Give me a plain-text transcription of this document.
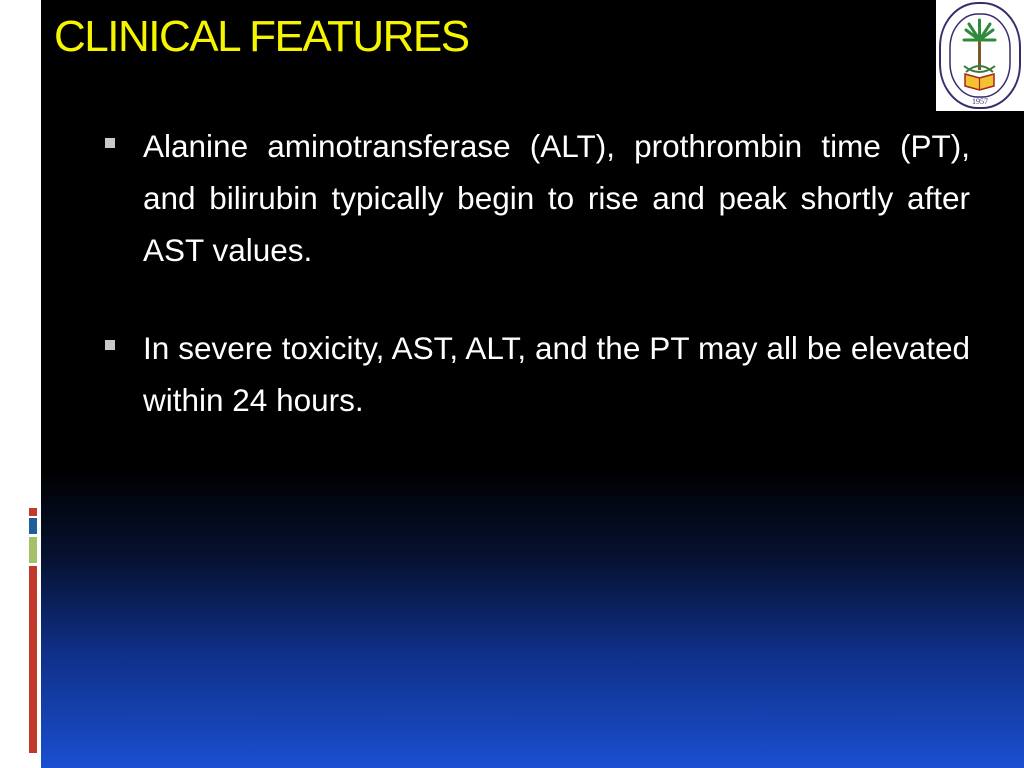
CLINICAL FEATURES
1957
Alanine aminotransferase (ALT), prothrombin time (PT), and bilirubin typically begin to rise and peak shortly after AST values.
In severe toxicity, AST, ALT, and the PT may all be elevated within 24 hours.
